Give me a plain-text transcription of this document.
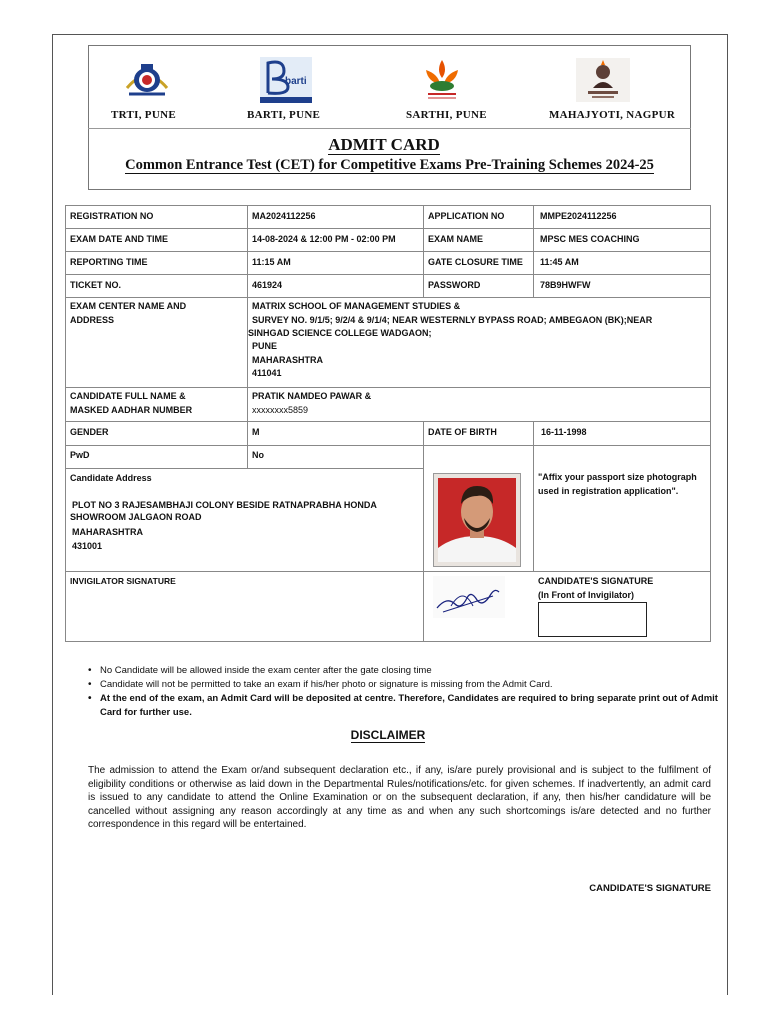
TRTI, PUNE
barti
BARTI, PUNE	SARTHI, PUNE	MAHAJYOTI, NAGPUR
ADMIT CARD
Common Entrance Test (CET) for Competitive Exams Pre-Training Schemes 2024-25
REGISTRATION NO	MA2024112256	APPLICATION NO	MMPE2024112256
EXAM DATE AND TIME	14-08-2024 & 12:00 PM - 02:00 PM	EXAM NAME	MPSC MES COACHING
REPORTING TIME	11:15 AM	GATE CLOSURE TIME 11:45 AM
TICKET NO.	461924	PASSWORD	78B9HWFW
EXAM CENTER NAME AND
ADDRESS
MATRIX SCHOOL OF MANAGEMENT STUDIES &
SURVEY NO. 9/1/5; 9/2/4 & 9/1/4; NEAR WESTERNLY BYPASS ROAD; AMBEGAON (BK);NEAR
SINHGAD SCIENCE COLLEGE WADGAON;
PUNE
MAHARASHTRA
411041
CANDIDATE FULL NAME &
MASKED AADHAR NUMBER
PRATIK NAMDEO PAWAR &
xxxxxxxx5859
GENDER	M	DATE OF BIRTH	16-11-1998
PwD	No
Candidate Address
PLOT NO 3 RAJESAMBHAJI COLONY BESIDE RATNAPRABHA HONDA
SHOWROOM JALGAON ROAD
MAHARASHTRA
431001
"Affix your passport size photograph
used in registration application".
INVIGILATOR SIGNATURE	CANDIDATE'S SIGNATURE
(In Front of Invigilator)
• No Candidate will be allowed inside the exam center after the gate closing time
• Candidate will not be permitted to take an exam if his/her photo or signature is missing from the Admit Card.
• At the end of the exam, an Admit Card will be deposited at centre. Therefore, Candidates are required to bring separate print out of Admit Card for further use.
DISCLAIMER
The admission to attend the Exam or/and subsequent declaration etc., if any, is/are purely provisional and is subject to the fulfilment of eligibility conditions or otherwise as laid down in the Departmental Rules/notifications/etc. for given schemes. If inadvertently, an admit card is issued to any candidate to attend the Online Examination or on the subsequent declaration, if any, then his/her candidature will be cancelled without assigning any reason accordingly at any time as and when any such shortcomings is/are detected and no further correspondence in this regard will be entertained.
CANDIDATE'S SIGNATURE
